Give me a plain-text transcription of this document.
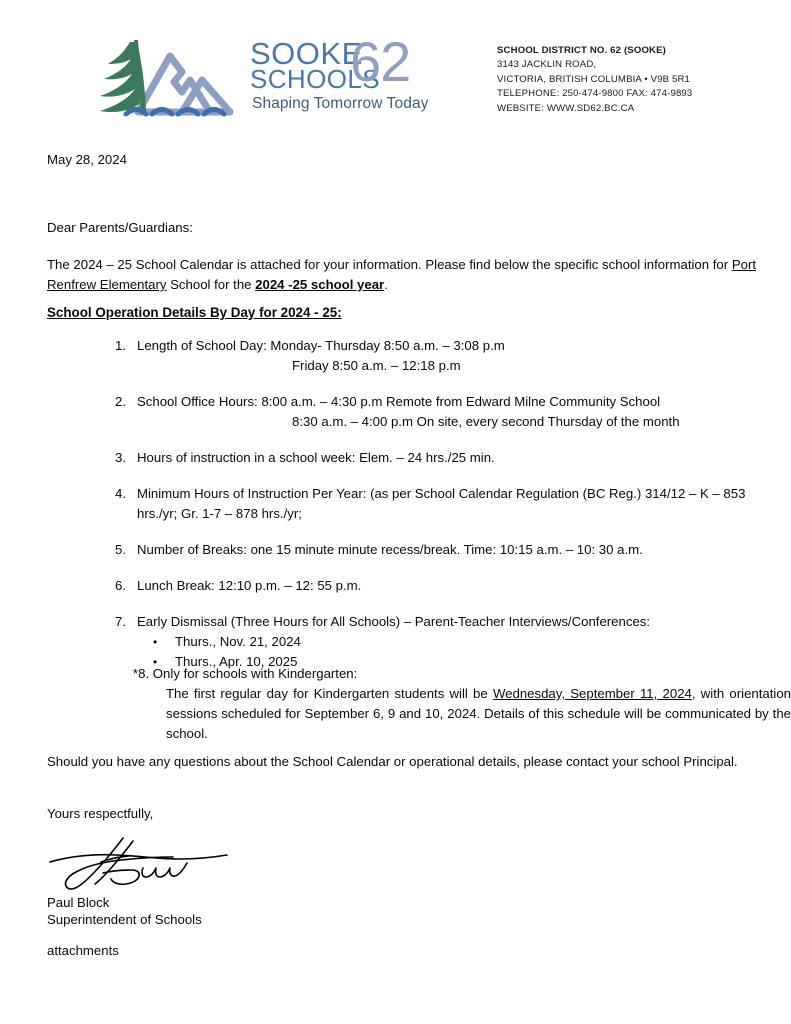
SOOKE
SCHOOLS
62
Shaping Tomorrow Today
SCHOOL DISTRICT NO. 62 (SOOKE)
3143 JACKLIN ROAD,
VICTORIA, BRITISH COLUMBIA • V9B 5R1
TELEPHONE: 250-474-9800 FAX: 474-9893
WEBSITE: WWW.SD62.BC.CA
May 28, 2024
Dear Parents/Guardians:
The 2024 – 25 School Calendar is attached for your information. Please find below the specific school information for Port Renfrew Elementary School for the 2024 -25 school year.
School Operation Details By Day for 2024 - 25:
1. Length of School Day: Monday- Thursday 8:50 a.m. – 3:08 p.m
Friday 8:50 a.m. – 12:18 p.m
2. School Office Hours: 8:00 a.m. – 4:30 p.m Remote from Edward Milne Community School
8:30 a.m. – 4:00 p.m On site, every second Thursday of the month
3. Hours of instruction in a school week: Elem. – 24 hrs./25 min.
4. Minimum Hours of Instruction Per Year: (as per School Calendar Regulation (BC Reg.) 314/12 – K – 853 hrs./yr; Gr. 1-7 – 878 hrs./yr;
5. Number of Breaks: one 15 minute minute recess/break. Time: 10:15 a.m. – 10: 30 a.m.
6. Lunch Break: 12:10 p.m. – 12: 55 p.m.
7. Early Dismissal (Three Hours for All Schools) – Parent-Teacher Interviews/Conferences:
• Thurs., Nov. 21, 2024
• Thurs., Apr. 10, 2025
*8. Only for schools with Kindergarten:
The first regular day for Kindergarten students will be Wednesday, September 11, 2024, with orientation sessions scheduled for September 6, 9 and 10, 2024. Details of this schedule will be communicated by the school.
Should you have any questions about the School Calendar or operational details, please contact your school Principal.
Yours respectfully,
Paul Block
Superintendent of Schools
attachments
